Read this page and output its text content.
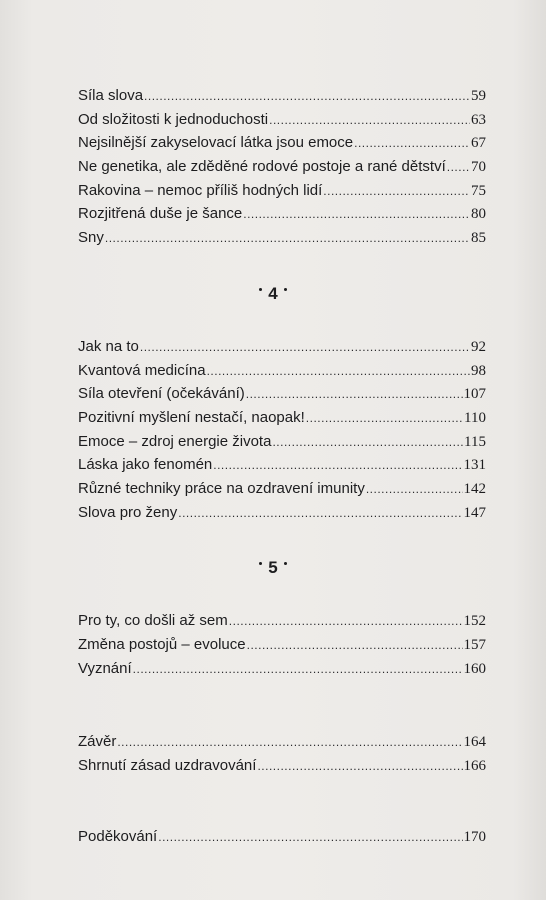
Síla slova .....	59
Od složitosti k jednoduchosti .....	63
Nejsilnější zakyselovací látka jsou emoce .....	67
Ne genetika, ale zděděné rodové postoje a rané dětství ..... 70
Rakovina – nemoc příliš hodných lidí .....	75
Rozjitřená duše je šance .....	80
Sny .....	85
4
Jak na to .....	92
Kvantová medicína .....	98
Síla otevření (očekávání) .....	107
Pozitivní myšlení nestačí, naopak! .....	110
Emoce – zdroj energie života .....	115
Láska jako fenomén .....	131
Různé techniky práce na ozdravení imunity .....	142
Slova pro ženy .....	147
5
Pro ty, co došli až sem .....	152
Změna postojů – evoluce .....	157
Vyznání .....	160
Závěr .....	164
Shrnutí zásad uzdravování .....	166
Poděkování .....	170
